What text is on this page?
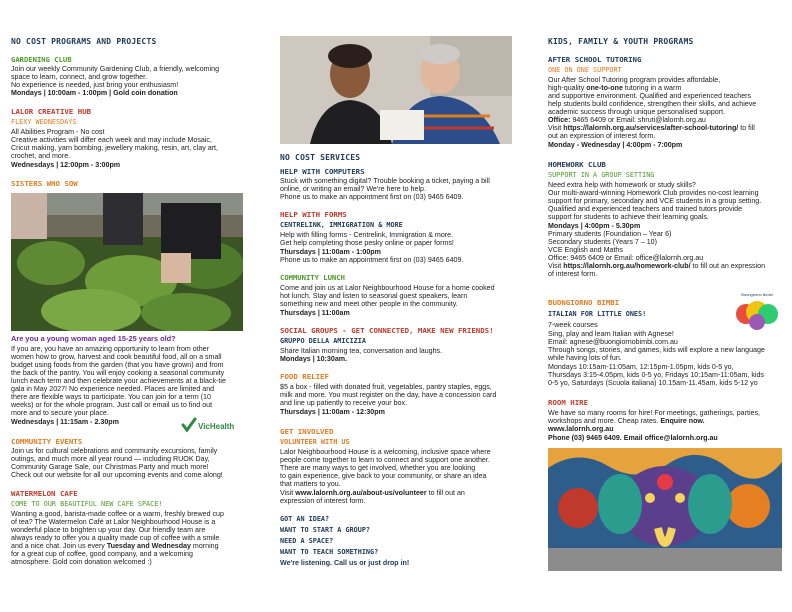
NO COST PROGRAMS AND PROJECTS
GARDENING CLUB

Join our weekly Community Gardening Club, a friendly, welcoming

space to learn, connect, and grow together.

No experience is needed, just bring your enthusiasm!

Mondays | 10:00am - 1:00pm | Gold coin donation

LALOR CREATIVE HUB
FLEXY WEDNESDAYS

All Abilities Program - No cost

Creative activities will differ each week and may include Mosaic,

Cricut making, yarn bombing, jewellery making, resin, art, clay art,

crochet, and more.

Wednesdays | 12:00pm - 3:00pm

SISTERS WHO SOW

Are you a young woman aged 15-25 years old?

If you are, you have an amazing opportunity to learn from other

women how to grow, harvest and cook beautiful food, all on a small

budget using foods from the garden (that you have grown) and from

the back of the pantry. You will enjoy cooking a seasonal community

lunch each term and then celebrate your achievements at a black-tie

gala in May 2027! No experience needed. Places are limited and

there are flexible ways to participate. You can join for a term (10

weeks) or for the whole program. Just call or email us to find out

more and to secure your place.

Wednesdays | 11:15am - 2.30pm	VicHealth
COMMUNITY EVENTS

Join us for cultural celebrations and community excursions, family

outings, and much more all year round — including RUOK Day,

Community Garage Sale, our Christmas Party and much more!

Check out our website for all our upcoming events and come along!

WATERMELON CAFE
COME TO OUR BEAUTIFUL NEW CAFE SPACE!

Wanting a good, barista-made coffee or a warm, freshly brewed cup

of tea? The Watermelon Café at Lalor Neighbourhood House is a

wonderful place to brighten up your day. Our friendly team are

always ready to offer you a quality made cup of coffee with a smile

and a nice chat. Join us every Tuesday and Wednesday morning

for a great cup of coffee, good company, and a welcoming

atmosphere. Gold coin donation welcomed :)

NO COST SERVICES
HELP WITH COMPUTERS

Stuck with something digital? Trouble booking a ticket, paying a bill

online, or writing an email? We're here to help.

Phone us to make an appointment first on (03) 9465 6409.

HELP WITH FORMS
CENTRELINK, IMMIGRATION & MORE

Help with filling forms - Centrelink, Immigration & more.

Get help completing those pesky online or paper forms!

Thursdays | 11:00am - 1:00pm

Phone us to make an appointment first on (03) 9465 6409.

COMMUNITY LUNCH

Come and join us at Lalor Neighbourhood House for a home cooked

hot lunch. Stay and listen to seasonal guest speakers, learn

something new and meet other people in the community.

Thursdays | 11:00am

SOCIAL GROUPS - GET CONNECTED, MAKE NEW FRIENDS!
GRUPPO DELLA AMICIZIA

Share Italian morning tea, conversation and laughs.

Mondays | 10:30am.

FOOD RELIEF

$5 a box - filled with donated fruit, vegetables, pantry staples, eggs,

milk and more. You must register on the day, have a concession card

and line up patiently to receive your box.

Thursdays | 11:00am - 12:30pm

GET INVOLVED
VOLUNTEER WITH US

Lalor Neighbourhood House is a welcoming, inclusive space where

people come together to learn to connect and support one another.

There are many ways to get involved, whether you are looking

to gain experience, give back to your community, or share an idea

that matters to you.

Visit www.lalornh.org.au/about-us/volunteer to fill out an

expression of interest form.

GOT AN IDEA?
WANT TO START A GROUP?
NEED A SPACE?
WANT TO TEACH SOMETHING?

We're listening. Call us or just drop in!

KIDS, FAMILY & YOUTH PROGRAMS
AFTER SCHOOL TUTORING
ONE ON ONE SUPPORT

Our After School Tutoring program provides affordable,

high-quality one-to-one tutoring in a warm

and supportive environment. Qualified and experienced teachers

help students build confidence, strengthen their skills, and achieve

academic success through unique personalised support.

Office: 9465 6409 or Email: shruti@lalornh.org.au

Visit https://lalornh.org.au/services/after-school-tutoring/ to fill

out an expression of interest form.

Monday - Wednesday | 4:00pm - 7:00pm

HOMEWORK CLUB
SUPPORT IN A GROUP SETTING

Need extra help with homework or study skills?

Our multi-award-winning Homework Club provides no-cost learning

support for primary, secondary and VCE students in a group setting.

Qualified and experienced teachers and trained tutors provide

support for students to achieve their learning goals.

Mondays | 4:00pm - 5.30pm

Primary students (Foundation – Year 6)

Secondary students (Years 7 – 10)

VCE English and Maths

Office: 9465 6409 or Email: office@lalornh.org.au

Visit https://lalornh.org.au/homework-club/ to fill out an expression

of interest form.

BUONGIORNO BIMBI
ITALIAN FOR LITTLE ONES!
Buongiorno Bimbi

7-week courses

Sing, play and learn Italian with Agnese!

Email: agnese@buongiornobimbi.com.au

Through songs, stories, and games, kids will explore a new language

while having lots of fun.

Mondays 10:15am-11:05am, 12:15pm-1.05pm, kids 0-5 yo,

Thursdays 3:15-4.05pm, kids 0-5 yo, Fridays 10:15am-11:05am, kids

0-5 yo, Saturdays (Scuola italiana) 10.15am-11.45am, kids 5-12 yo

ROOM HIRE

We have so many rooms for hire! For meetings, gatherings, parties,

workshops and more. Cheap rates. Enquire now.

www.lalornh.org.au

Phone (03) 9465 6409. Email office@lalornh.org.au
